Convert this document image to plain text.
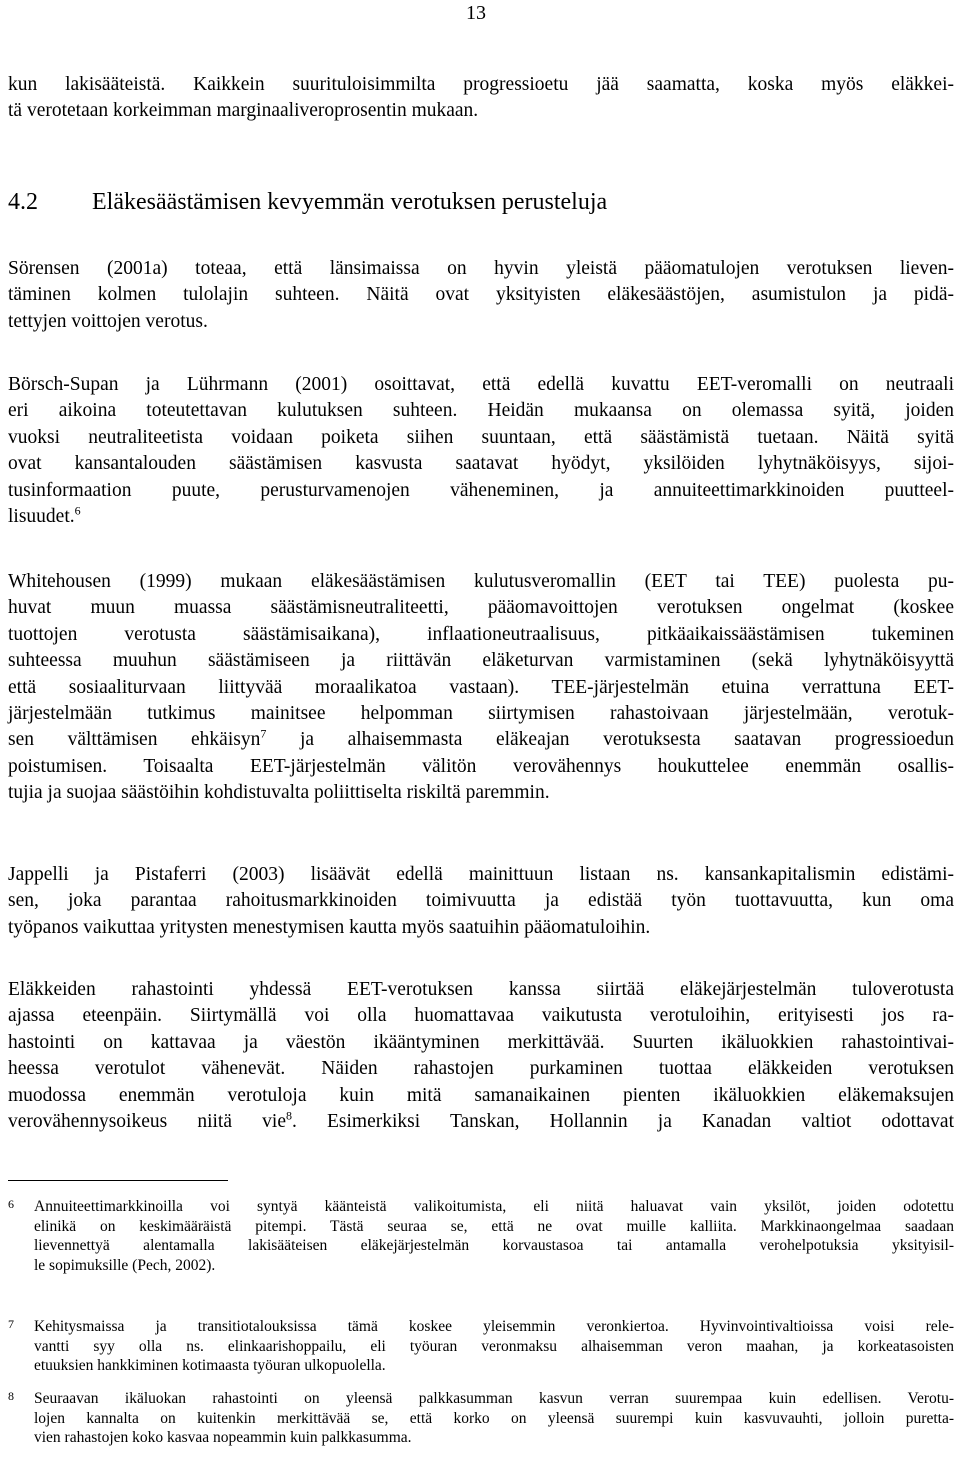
13

kun lakisääteistä. Kaikkein suurituloisimmilta progressioetu jää saamatta, koska myös eläkkei-
tä verotetaan korkeimman marginaaliveroprosentin mukaan.

4.2 Eläkesäästämisen kevyemmän verotuksen perusteluja

Sörensen (2001a) toteaa, että länsimaissa on hyvin yleistä pääomatulojen verotuksen lieven-
täminen kolmen tulolajin suhteen. Näitä ovat yksityisten eläkesäästöjen, asumistulon ja pidä-
tettyjen voittojen verotus.

Börsch-Supan ja Lührmann (2001) osoittavat, että edellä kuvattu EET-veromalli on neutraali
eri aikoina toteutettavan kulutuksen suhteen. Heidän mukaansa on olemassa syitä, joiden
vuoksi neutraliteetista voidaan poiketa siihen suuntaan, että säästämistä tuetaan. Näitä syitä
ovat kansantalouden säästämisen kasvusta saatavat hyödyt, yksilöiden lyhytnäköisyys, sijoi-
tusinformaation puute, perusturvamenojen väheneminen, ja annuiteettimarkkinoiden puutteel-
lisuudet.$^6$

Whitehousen (1999) mukaan eläkesäästämisen kulutusveromallin (EET tai TEE) puolesta pu-
huvat muun muassa säästämisneutraliteetti, pääomavoittojen verotuksen ongelmat (koskee
tuottojen verotusta säästämisaikana), inflaationeutraalisuus, pitkäaikaissäästämisen tukeminen
suhteessa muuhun säästämiseen ja riittävän eläketurvan varmistaminen (sekä lyhytnäköisyyttä
että sosiaaliturvaan liittyvää moraalikatoa vastaan). TEE-järjestelmän etuina verrattuna EET-
järjestelmään tutkimus mainitsee helpomman siirtymisen rahastoivaan järjestelmään, verotuk-
sen välttämisen ehkäisyn$^7$ ja alhaisemmasta eläkeajan verotuksesta saatavan progressioedun
poistumisen. Toisaalta EET-järjestelmän välitön verovähennys houkuttelee enemmän osallis-
tujia ja suojaa säästöihin kohdistuvalta poliittiselta riskiltä paremmin.

Jappelli ja Pistaferri (2003) lisäävät edellä mainittuun listaan ns. kansankapitalismin edistämi-
sen, joka parantaa rahoitusmarkkinoiden toimivuutta ja edistää työn tuottavuutta, kun oma
työpanos vaikuttaa yritysten menestymisen kautta myös saatuihin pääomatuloihin.

Eläkkeiden rahastointi yhdessä EET-verotuksen kanssa siirtää eläkejärjestelmän tuloverotusta
ajassa eteenpäin. Siirtymällä voi olla huomattavaa vaikutusta verotuloihin, erityisesti jos ra-
hastointi on kattavaa ja väestön ikääntyminen merkittävää. Suurten ikäluokkien rahastointivai-
heessa verotulot vähenevät. Näiden rahastojen purkaminen tuottaa eläkkeiden verotuksen
muodossa enemmän verotuloja kuin mitä samanaikainen pienten ikäluokkien eläkemaksujen
verovähennysoikeus niitä vie$^8$. Esimerkiksi Tanskan, Hollannin ja Kanadan valtiot odottavat

6 Annuiteettimarkkinoilla voi syntyä käänteistä valikoitumista, eli niitä haluavat vain yksilöt, joiden odotettu
elinikä on keskimääräistä pitempi. Tästä seuraa se, että ne ovat muille kalliita. Markkinaongelmaa saadaan
lievennettyä alentamalla lakisääteisen eläkejärjestelmän korvaustasoa tai antamalla verohelpotuksia yksityisil-
le sopimuksille (Pech, 2002).
7 Kehitysmaissa ja transitiotalouksissa tämä koskee yleisemmin veronkiertoa. Hyvinvointivaltioissa voisi rele-
vantti syy olla ns. elinkaarishoppailu, eli työuran veronmaksu alhaisemman veron maahan, ja korkeatasoisten
etuuksien hankkiminen kotimaasta työuran ulkopuolella.
8 Seuraavan ikäluokan rahastointi on yleensä palkkasumman kasvun verran suurempaa kuin edellisen. Verotu-
lojen kannalta on kuitenkin merkittävää se, että korko on yleensä suurempi kuin kasvuvauhti, jolloin puretta-
vien rahastojen koko kasvaa nopeammin kuin palkkasumma.
